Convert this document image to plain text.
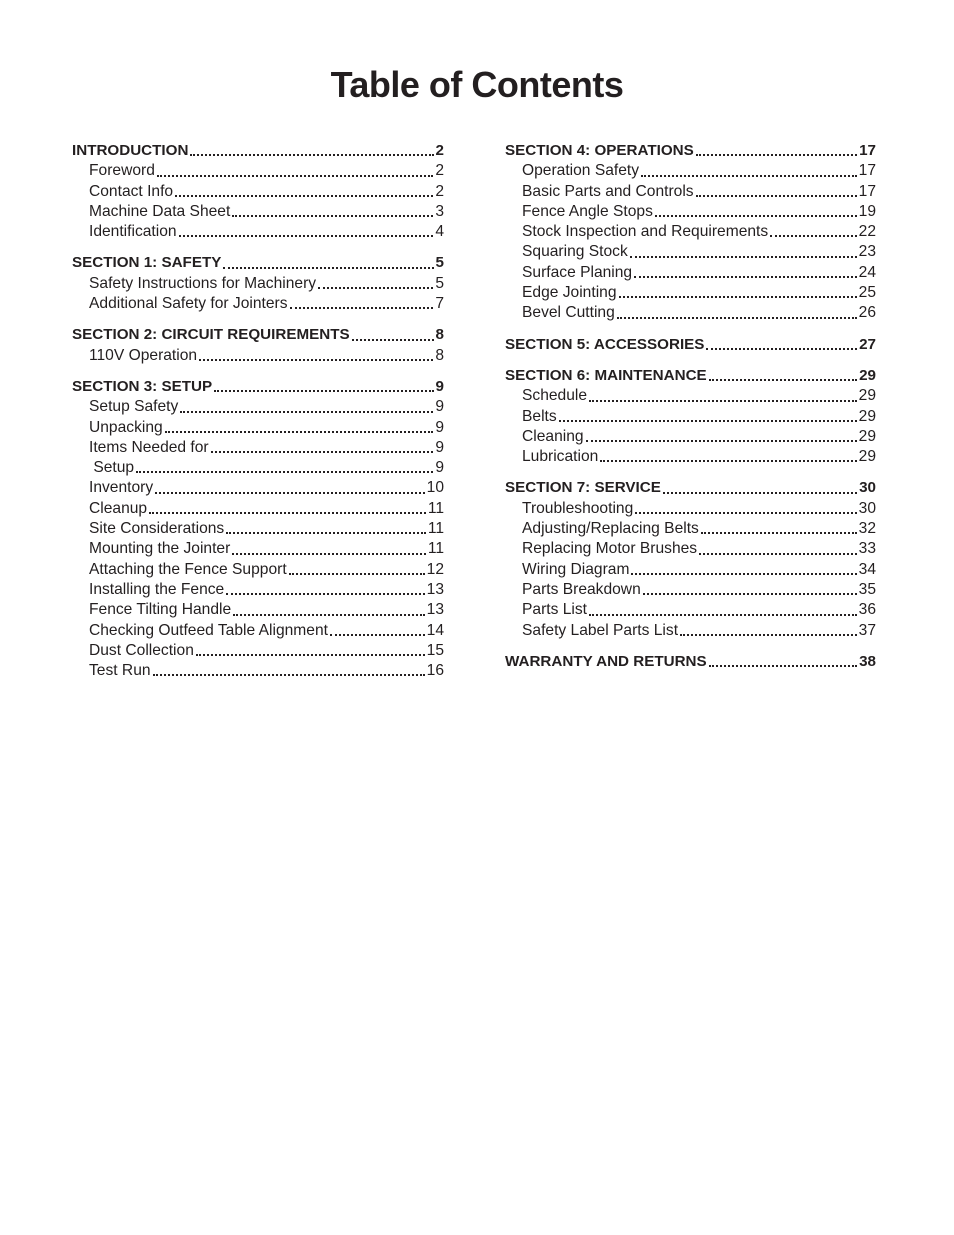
Table of Contents
INTRODUCTION	2
Foreword	2
Contact Info	2
Machine Data Sheet	3
Identification	4
SECTION 1: SAFETY	5
Safety Instructions for Machinery	5
Additional Safety for Jointers	7
SECTION 2: CIRCUIT REQUIREMENTS	8
110V Operation	8
SECTION 3: SETUP	9
Setup Safety	9
Unpacking	9
Items Needed for	9
Setup	9
Inventory	10
Cleanup	11
Site Considerations	11
Mounting the Jointer	11
Attaching the Fence Support	12
Installing the Fence	13
Fence Tilting Handle	13
Checking Outfeed Table Alignment	14
Dust Collection	15
Test Run	16
SECTION 4: OPERATIONS	17
Operation Safety	17
Basic Parts and Controls	17
Fence Angle Stops	19
Stock Inspection and Requirements	22
Squaring Stock	23
Surface Planing	24
Edge Jointing	25
Bevel Cutting	26
SECTION 5: ACCESSORIES	27
SECTION 6: MAINTENANCE	29
Schedule	29
Belts	29
Cleaning	29
Lubrication	29
SECTION 7: SERVICE	30
Troubleshooting	30
Adjusting/Replacing Belts	32
Replacing Motor Brushes	33
Wiring Diagram	34
Parts Breakdown	35
Parts List	36
Safety Label Parts List	37
WARRANTY AND RETURNS	38
